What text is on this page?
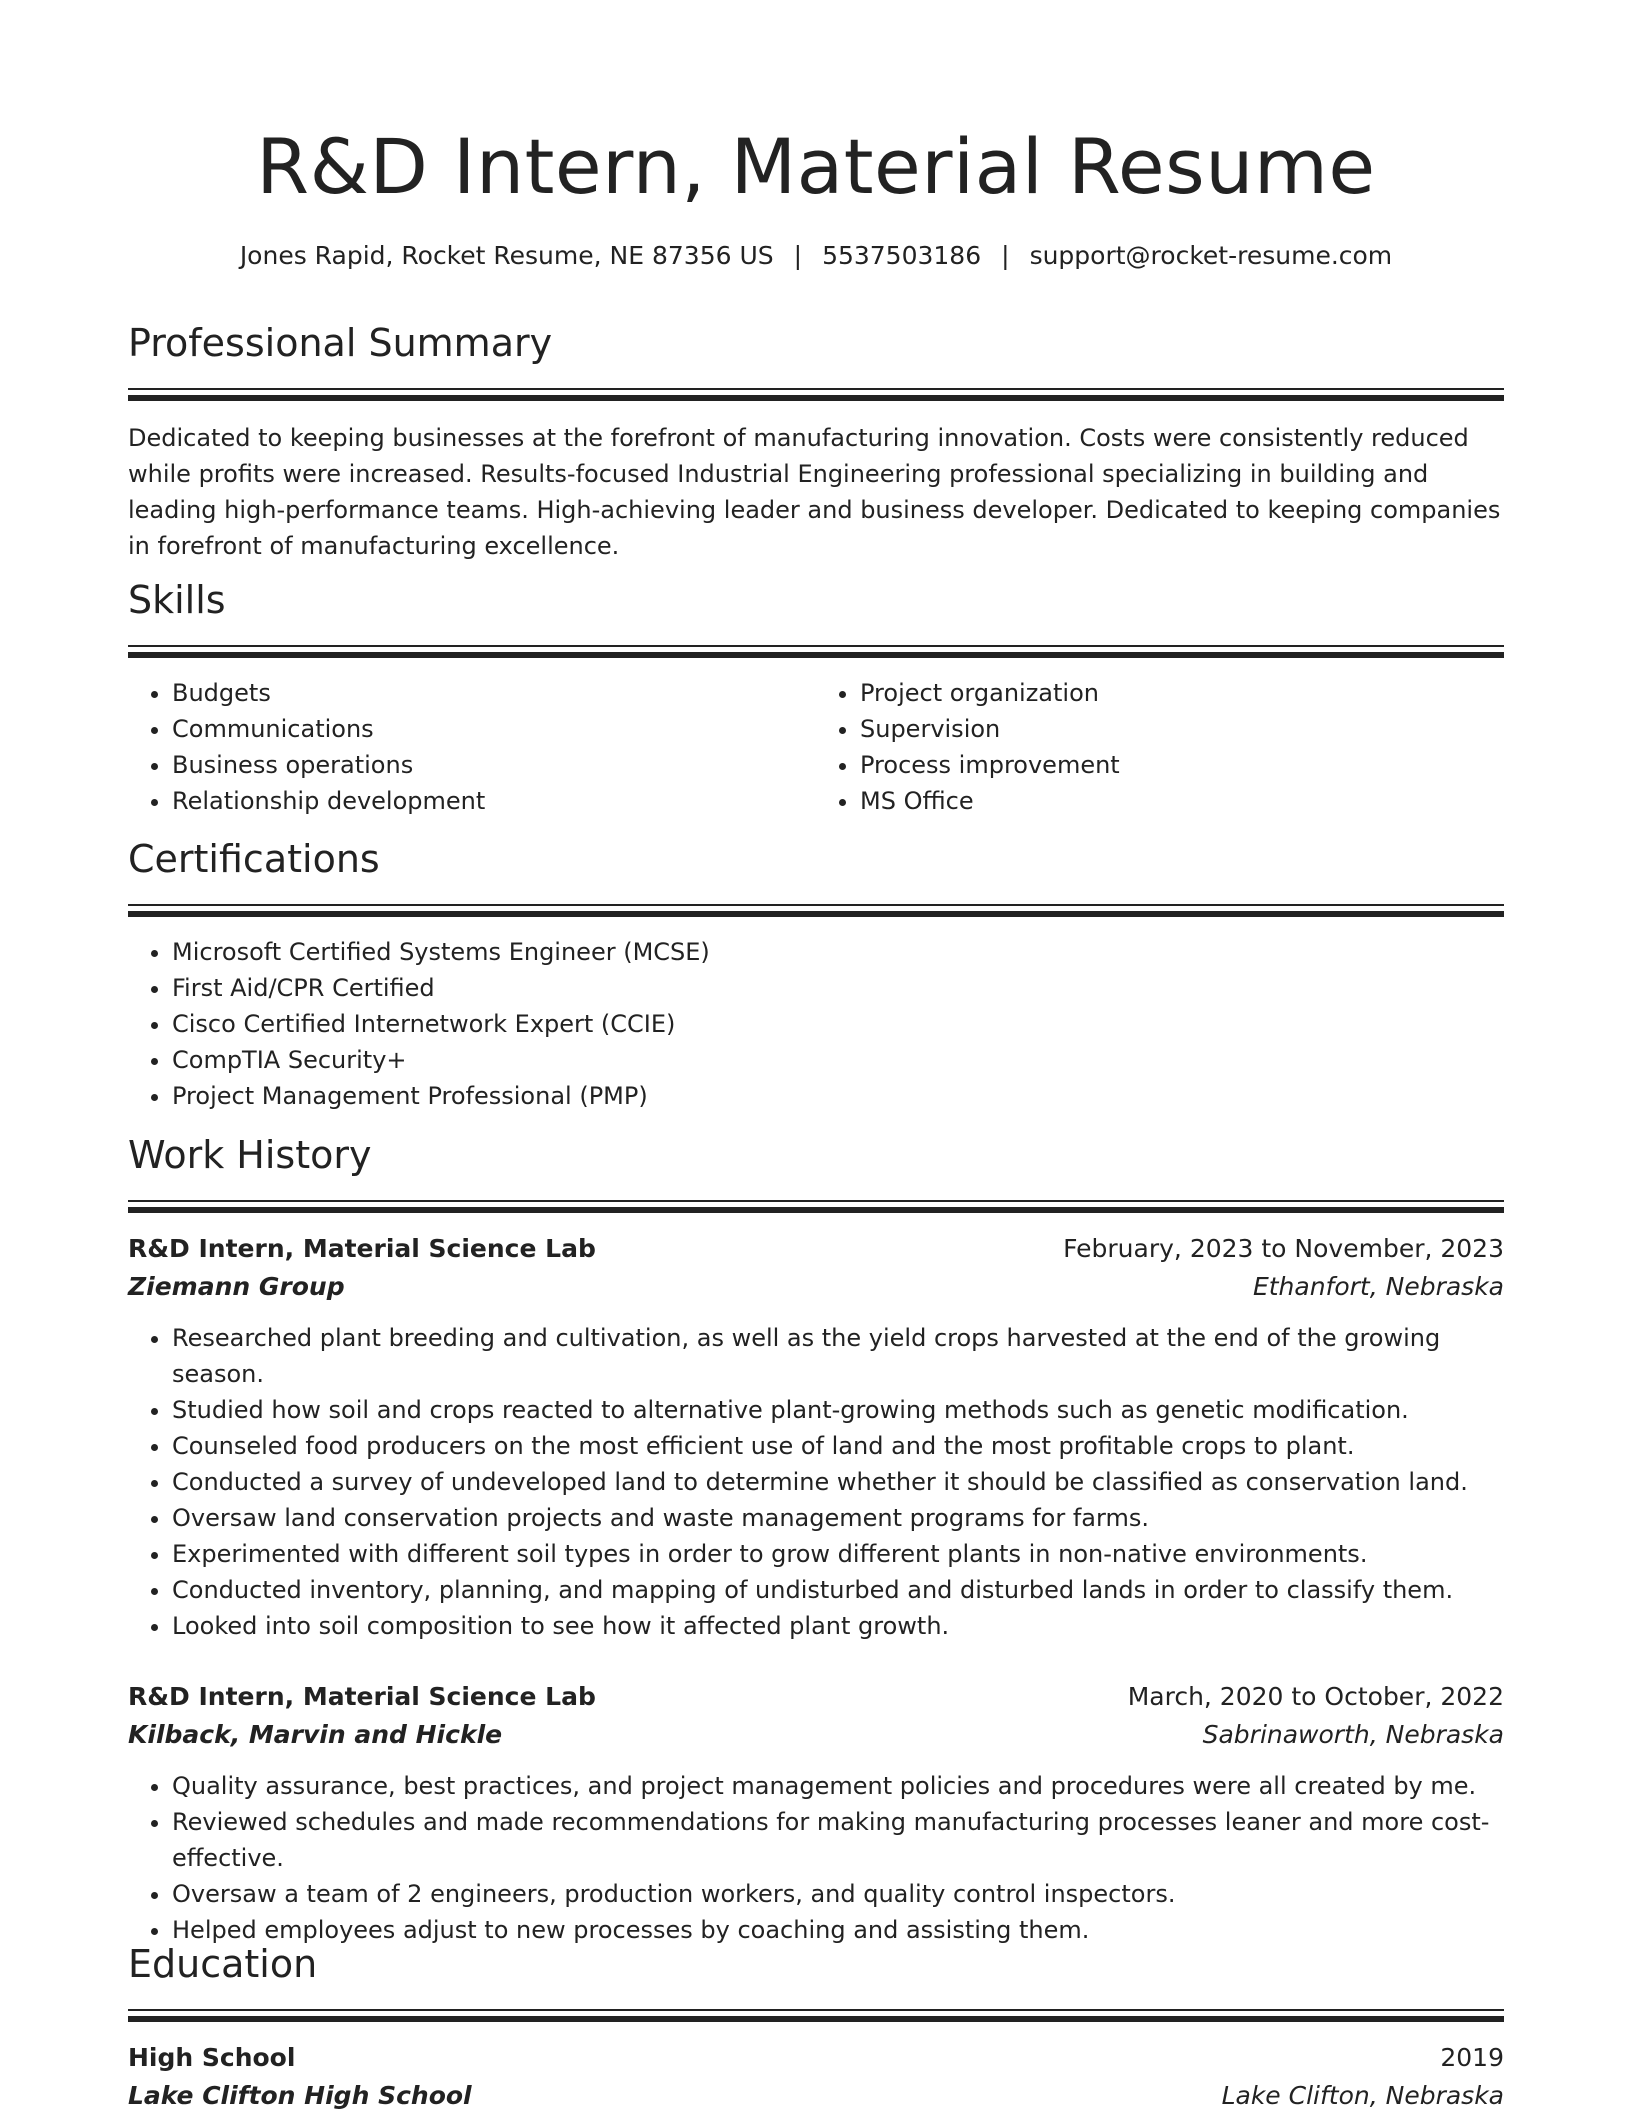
R&D Intern, Material Resume
Jones Rapid, Rocket Resume, NE 87356 US | 5537503186 | support@rocket-resume.com
Professional Summary

Dedicated to keeping businesses at the forefront of manufacturing innovation. Costs were consistently reduced while profits were increased. Results-focused Industrial Engineering professional specializing in building and leading high-performance teams. High-achieving leader and business developer. Dedicated to keeping companies in forefront of manufacturing excellence.

Skills
• Budgets
• Communications
• Business operations
• Relationship development
• Project organization
• Supervision
• Process improvement
• MS Office
Certifications
• Microsoft Certified Systems Engineer (MCSE)
• First Aid/CPR Certified
• Cisco Certified Internetwork Expert (CCIE)
• CompTIA Security+
• Project Management Professional (PMP)
Work History
R&D Intern, Material Science Lab	February, 2023 to November, 2023
Ziemann Group	Ethanfort, Nebraska
• Researched plant breeding and cultivation, as well as the yield crops harvested at the end of the growing season.
• Studied how soil and crops reacted to alternative plant-growing methods such as genetic modification.
• Counseled food producers on the most efficient use of land and the most profitable crops to plant.
• Conducted a survey of undeveloped land to determine whether it should be classified as conservation land.
• Oversaw land conservation projects and waste management programs for farms.
• Experimented with different soil types in order to grow different plants in non-native environments.
• Conducted inventory, planning, and mapping of undisturbed and disturbed lands in order to classify them.
• Looked into soil composition to see how it affected plant growth.
R&D Intern, Material Science Lab	March, 2020 to October, 2022
Kilback, Marvin and Hickle	Sabrinaworth, Nebraska
• Quality assurance, best practices, and project management policies and procedures were all created by me.
• Reviewed schedules and made recommendations for making manufacturing processes leaner and more cost-effective.
• Oversaw a team of 2 engineers, production workers, and quality control inspectors.
• Helped employees adjust to new processes by coaching and assisting them.
Education
High School	2019
Lake Clifton High School	Lake Clifton, Nebraska
